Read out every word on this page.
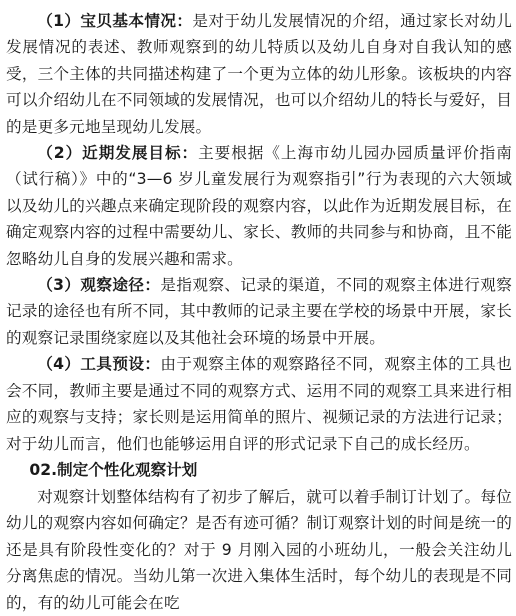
（1）宝贝基本情况：是对于幼儿发展情况的介绍，通过家长对幼儿发展情况的表述、教师观察到的幼儿特质以及幼儿自身对自我认知的感受，三个主体的共同描述构建了一个更为立体的幼儿形象。该板块的内容可以介绍幼儿在不同领域的发展情况，也可以介绍幼儿的特长与爱好，目的是更多元地呈现幼儿发展。

（2）近期发展目标：主要根据《上海市幼儿园办园质量评价指南（试行稿）》中的“3—6 岁儿童发展行为观察指引”行为表现的六大领域以及幼儿的兴趣点来确定现阶段的观察内容，以此作为近期发展目标，在确定观察内容的过程中需要幼儿、家长、教师的共同参与和协商，且不能忽略幼儿自身的发展兴趣和需求。

（3）观察途径：是指观察、记录的渠道，不同的观察主体进行观察记录的途径也有所不同，其中教师的记录主要在学校的场景中开展，家长的观察记录围绕家庭以及其他社会环境的场景中开展。

（4）工具预设：由于观察主体的观察路径不同，观察主体的工具也会不同，教师主要是通过不同的观察方式、运用不同的观察工具来进行相应的观察与支持；家长则是运用简单的照片、视频记录的方法进行记录；对于幼儿而言，他们也能够运用自评的形式记录下自己的成长经历。

02.制定个性化观察计划

对观察计划整体结构有了初步了解后，就可以着手制订计划了。每位幼儿的观察内容如何确定？是否有迹可循？制订观察计划的时间是统一的还是具有阶段性变化的？对于 9 月刚入园的小班幼儿，一般会关注幼儿分离焦虑的情况。当幼儿第一次进入集体生活时，每个幼儿的表现是不同的，有的幼儿可能会在吃
